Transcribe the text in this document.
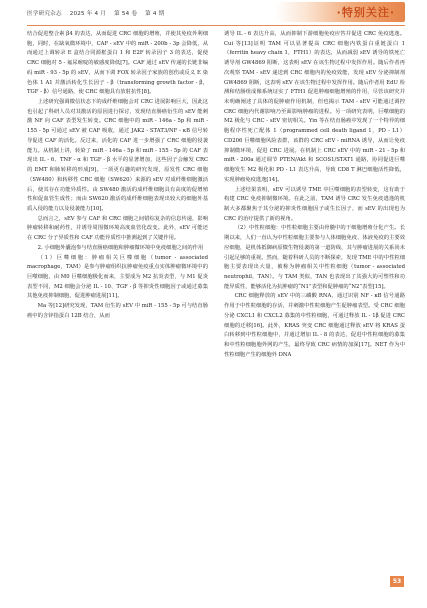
医学研究杂志 2025 年 4 月 第 54 卷 第 4 期	·特别关注·

结合促进整合素 β4 的表达，从而促进 CRC 细胞的增殖，并使其免疫外利细胞，同时，在缺氧微环境中，CAF - sEV 中的 miR - 200b - 3p 会降低，从而通过上调转录 E 盒结合同源框蛋白 1 和 E2F 转录因子 3 的表达，促使 CRC 细胞对 5 - 氟尿嘧啶的敏感度降低[7]。CAF 通过 sEV 传递的长链非编码 miR - 93 - 5p 的 sEV，从而下调 FOX 转录因子家族的创伤或反义 E 染色体 1 A1 并激活转化生长因子 - β（transforming growth factor - β，TGF - β）信号通路，使 CRC 细胞具有放射抗性[8]。

上述研究强调微信状态下的成纤维细胞会对 CRC 进展影响巨大，因此这也引起了科研人员对其激活的原因进行探讨，发现结直肠癌衍生的 sEV 能刺激 NF 向 CAF 表型发生转变。CRC 细胞中的 miR - 146a - 5p 和 miR - 155 - 5p 可通过 sEV 被 CAF 吸收，通过 JAK2 - STAT3/NF - κB 信号转导促进 CAF 的活化。反过来，活化的 CAF 进一步增强了 CRC 细胞的侵袭能力。从机制上讲，转染了 miR - 146a - 5p 和 miR - 155 - 5p 的 CAF 表现出 IL - 6、TNF - α 和 TGF - β 水平的显著增加，这些因子会触发 CRC 的 EMT 和肺转移的形成[9]。一项更有趣的研究发现，原发性 CRC 细胞（SW480）和转移性 CRC 细胞（SW620）来源的 sEV 对成纤维细胞激活后，使其存在功能异质性。由 SW480 激活的成纤维细胞具有高度的促增殖性和促血管生成性；而由 SW620 激活的成纤维细胞表现出较大的细胞外基质入侵的能力以及侵袭能力[10]。

总而言之，sEV 参与 CAF 和 CRC 细胞之间错综复杂的信息传递，影响肿瘤转移和耐药性，并诱导周围微环境高度血管化改变。此外，sEV 可能还在 CRC 分子异质性和 CAF 功能异质性中推测起到了关键作用。

2. 小细胞外囊泡参与结直肠癌细胞和肿瘤微环境中免疫细胞之间的作用

（1）巨噬细胞：肿瘤相关巨噬细胞（tumor - associated macrophage，TAM）是参与肿瘤组织抗肿瘤免疫重点实体肿瘤微环境中的巨噬细胞，由 M0 巨噬细胞极化而来，主要成为 M2 抗炎表型，与 M1 促炎表型不同，M2 细胞会分泌 IL - 10、TGF - β 等抑炎性细胞因子或通过募集其他免疫抑制细胞，促进肿瘤进展[11]。

Ma 等[12]研究发现，TAM 衍生的 sEV 中 miR - 155 - 5p 可与结直肠癌中的含锌指蛋白 12B 结合，从而

诱导 IL - 6 表达升高，从而抑制下游细胞免疫应答并促进 CRC 免疫逃逸。Cui 等[13]证明 TAM 可以显著提高 CRC 细胞内铁蛋白重链蛋白 1（ferritin heavy chain 1，FTH1）的表达，从而减弱 sEV 诱导的铁死亡诱导剂 GW4869 阻断，这表明 sEV 在该生物过程中发挥作用。随后作者再次观察 TAM - sEV 递送到 CRC 细胞内的免疫效能，发现 sEV 分泌抑制剂 GW4869 阻断，这表明 sEV 在该生物过程中发挥作用。随后作者用 EdU 检测和结肠组成像系统证实了 FTH1 促进肿瘤细胞增殖的作用，尽管该研究并未明确阐述了具体的促肿瘤作用机制，但也揭示 TAM - sEV 可能通过调控 CRC 细胞内代谢影响乃至面影响肿瘤的进程。另一项研究表明，巨噬细胞的 M2 极化与 CRC - sEV 密切相关。Yin 等在结直肠癌中发现了一个特异的细胞程序性死亡配体 1（programmed cell death ligand 1，PD - L1）CD206 巨噬细胞风险表群，该群的 CRC sEV - miRNA 诱导，从而让免疫抑制微环境，促进 CRC 进展。在机制上 CRC sEV 中的 miR - 21 - 5p 和 miR - 200a 通过调节 PTEN/Akt 和 SCOS1/STAT1 通路，协同促进巨噬细胞发生 M2 极化和 PD - L1 表达升高，导致 CD8 T 淋巴细胞活性降低，实现肿瘤免疫逃逸[14]。

上述结果表明，sEV 可以诱导 TME 中巨噬细胞的表型转变，这有助于构建 CRC 免疫抑制微环境。在此之前，TAM 诱导 CRC 发生免疫逃逸的机制大多都聚焦于其分泌的抑炎性细胞因子或生长因子，而 sEV 的出现也为 CRC 的治疗提供了新的视角。

（2）中性粒细胞：中性粒细胞主要由骨髓中的干细胞增殖分化产生。长期以来，人们一直认为中性粒细胞主要参与人体细胞免疫、体液免疫的主要效应细胞，是机体抵御病原微生物侵袭的第一道防线，其与肿瘤进展的关系尚未引起足够的重视。然而，随着科研人员的不断探索，发现 TME 中的中性粒细胞主要表现出大量，被称为肿瘤相关中性粒细胞（tumor - associated neutrophil，TAN）。与 TAM 类似，TAN 也表现出了其强大的可塑性和功能异质性，能够活化为抗肿瘤的“N1”表型和促肿瘤的“N2”表型[15]。

CRC 细胞释放的 sEV 中的三磷酸 RNA，通过识别 NF - κB 信号通路作用于中性粒细胞的存活，并刺激中性粒细胞产生促肿瘤表型。受 CRC 细胞分泌 CXCL1 和 CXCL2 募集的中性粒细胞，可通过释放 IL - 1β 促进 CRC 细胞的迁移[16]。此外，KRAS 突变 CRC 细胞通过释放 sEV 将 KRAS 蛋白转移到中性粒细胞中，并通过增加 IL - 8 的表达，促进中性粒细胞的募集和中性粒细胞胞外网的产生，最终导致 CRC 病情的加深[17]。NET 作为中性粒细胞产生的细胞外 DNA

53
